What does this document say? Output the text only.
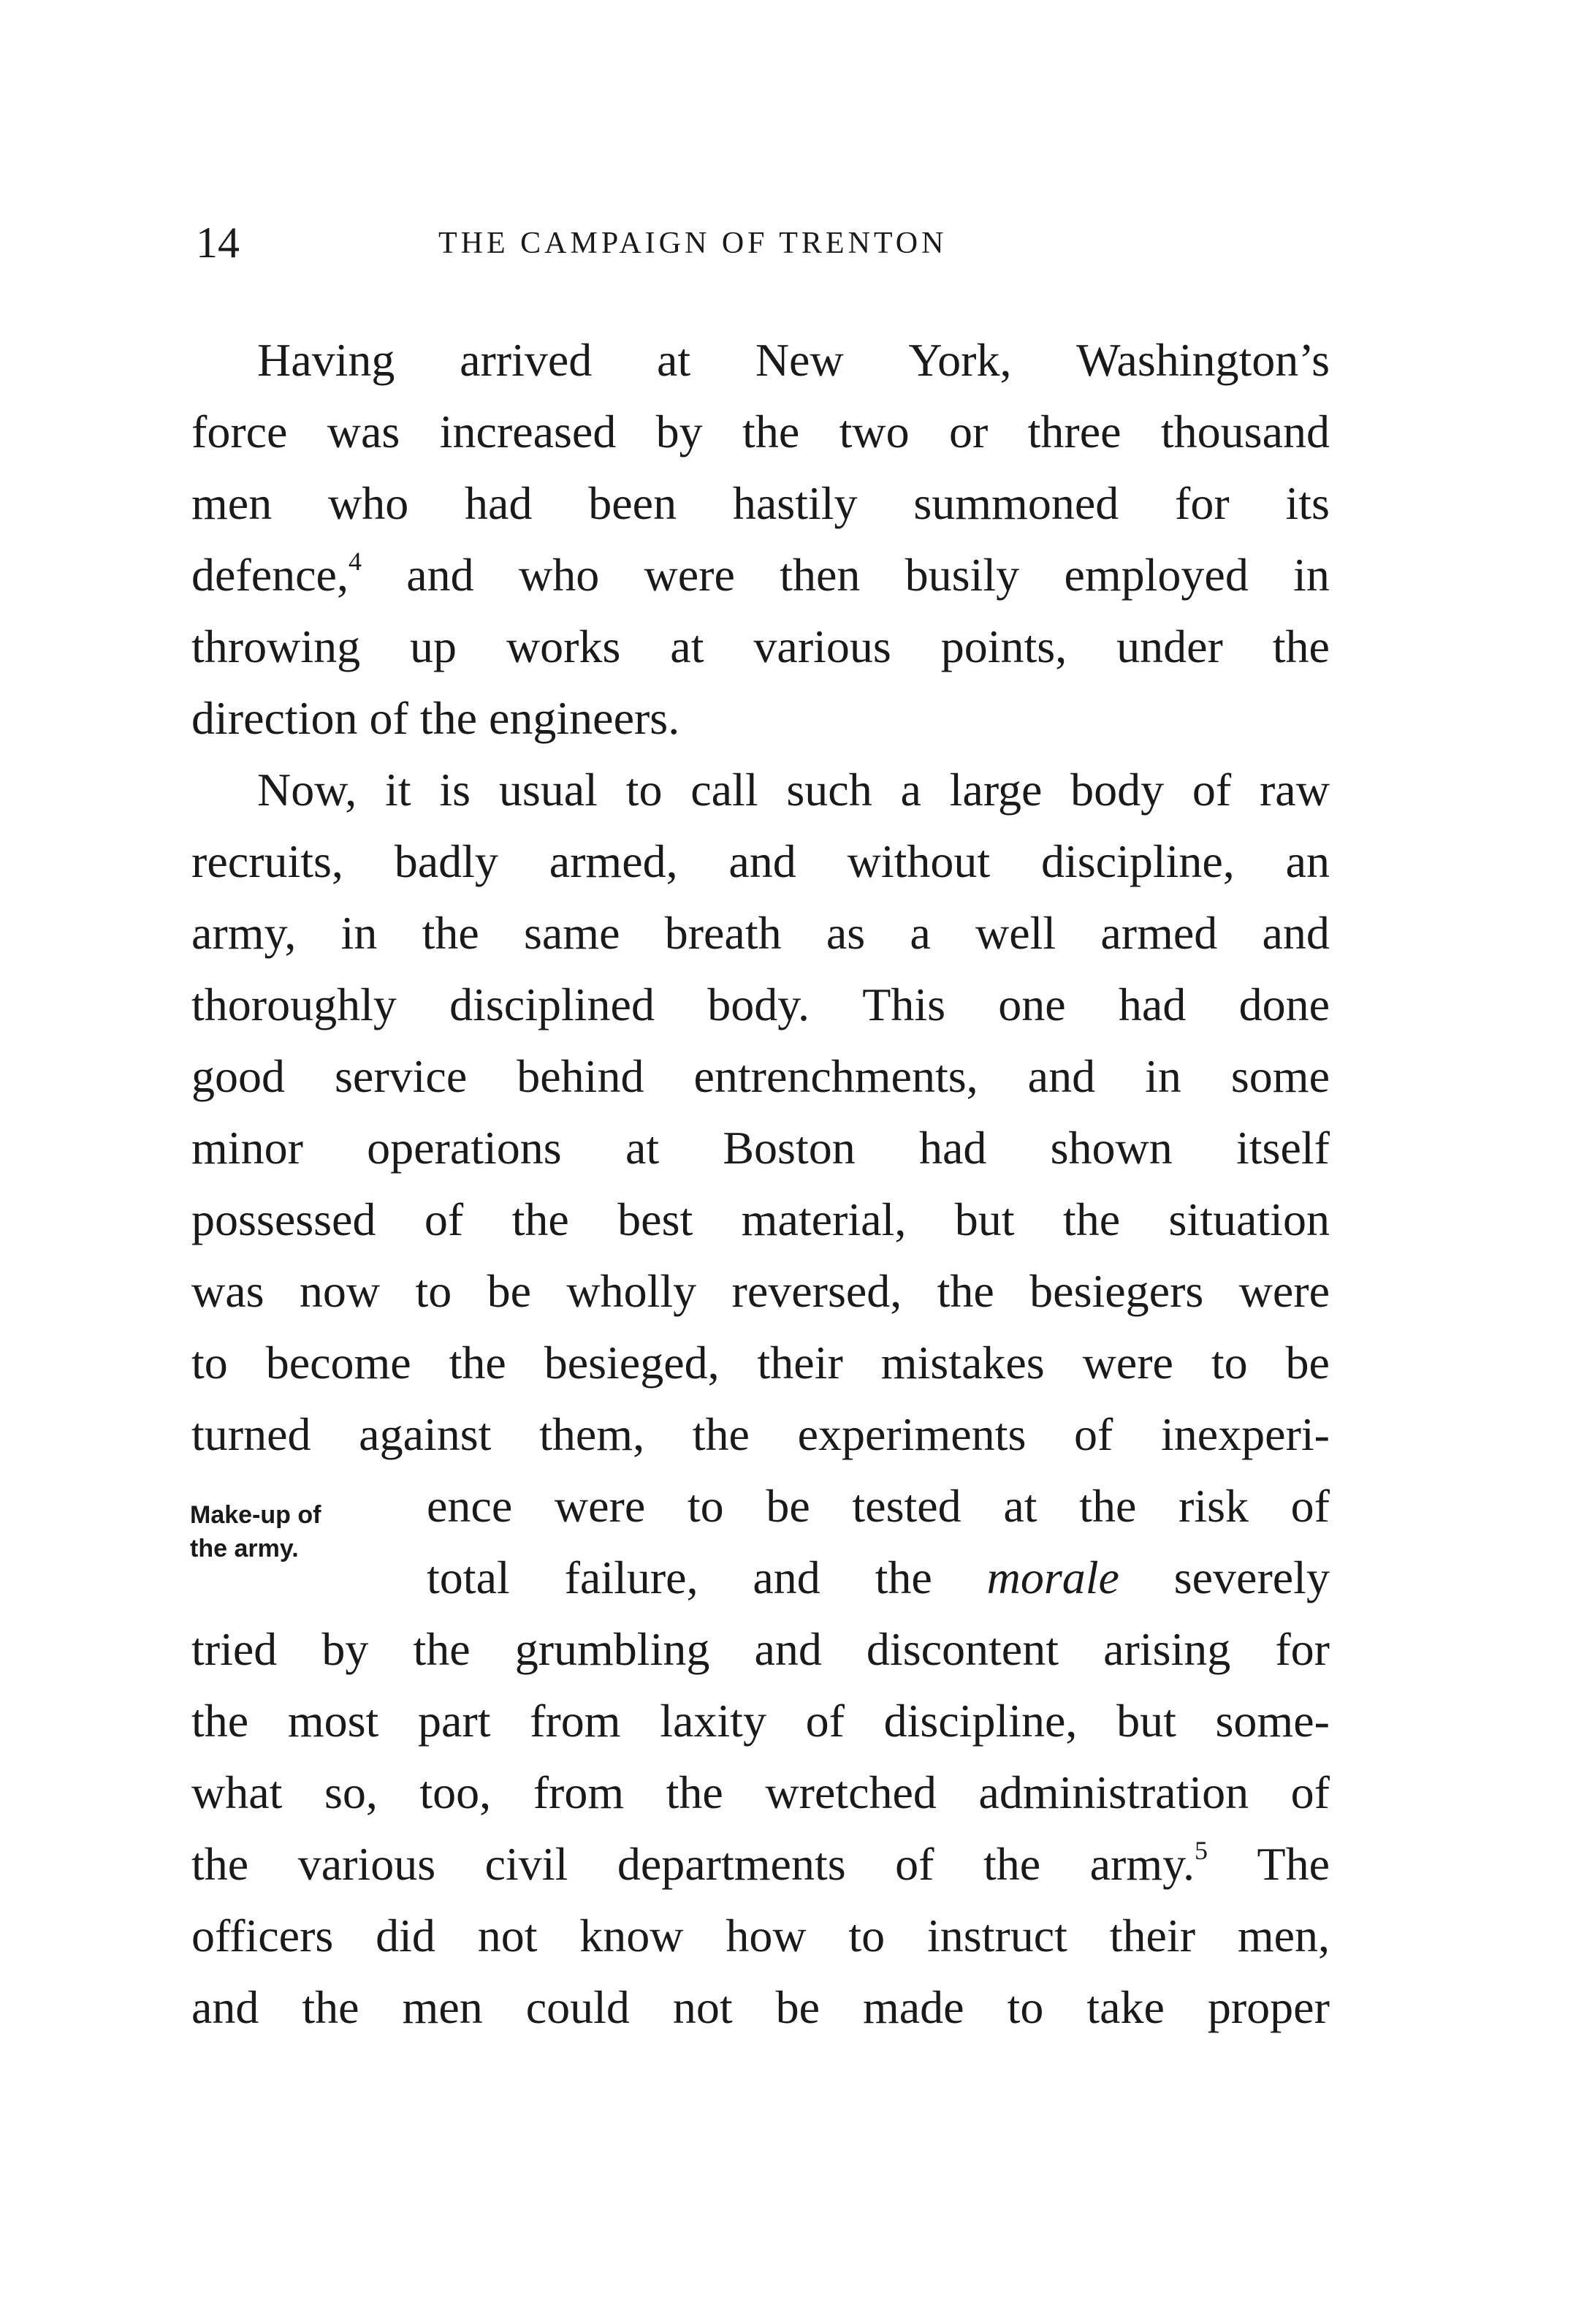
14	THE CAMPAIGN OF TRENTON
Make-up of
the army.
Having arrived at New York, Washington’s
force was increased by the two or three thousand
men who had been hastily summoned for its
defence,$^4$ and who were then busily employed in
throwing up works at various points, under the
direction
of
the
engineers.
Now, it is usual to call such a large body of raw
recruits, badly armed, and without discipline, an
army, in the same breath as a well armed and
thoroughly disciplined body. This one had done
good service behind entrenchments, and in some
minor operations at Boston had shown itself
possessed of the best material, but the situation
was now to be wholly reversed, the besiegers were
to become the besieged, their mistakes were to be
turned against them, the experiments of inexperi-
ence were to be tested at the risk of
total failure, and the morale severely
tried by the grumbling and discontent arising for
the most part from laxity of discipline, but some-
what so, too, from the wretched administration of
the various civil departments of the army.$^5$ The
officers did not know how to instruct their men,
and the men could not be made to take proper
